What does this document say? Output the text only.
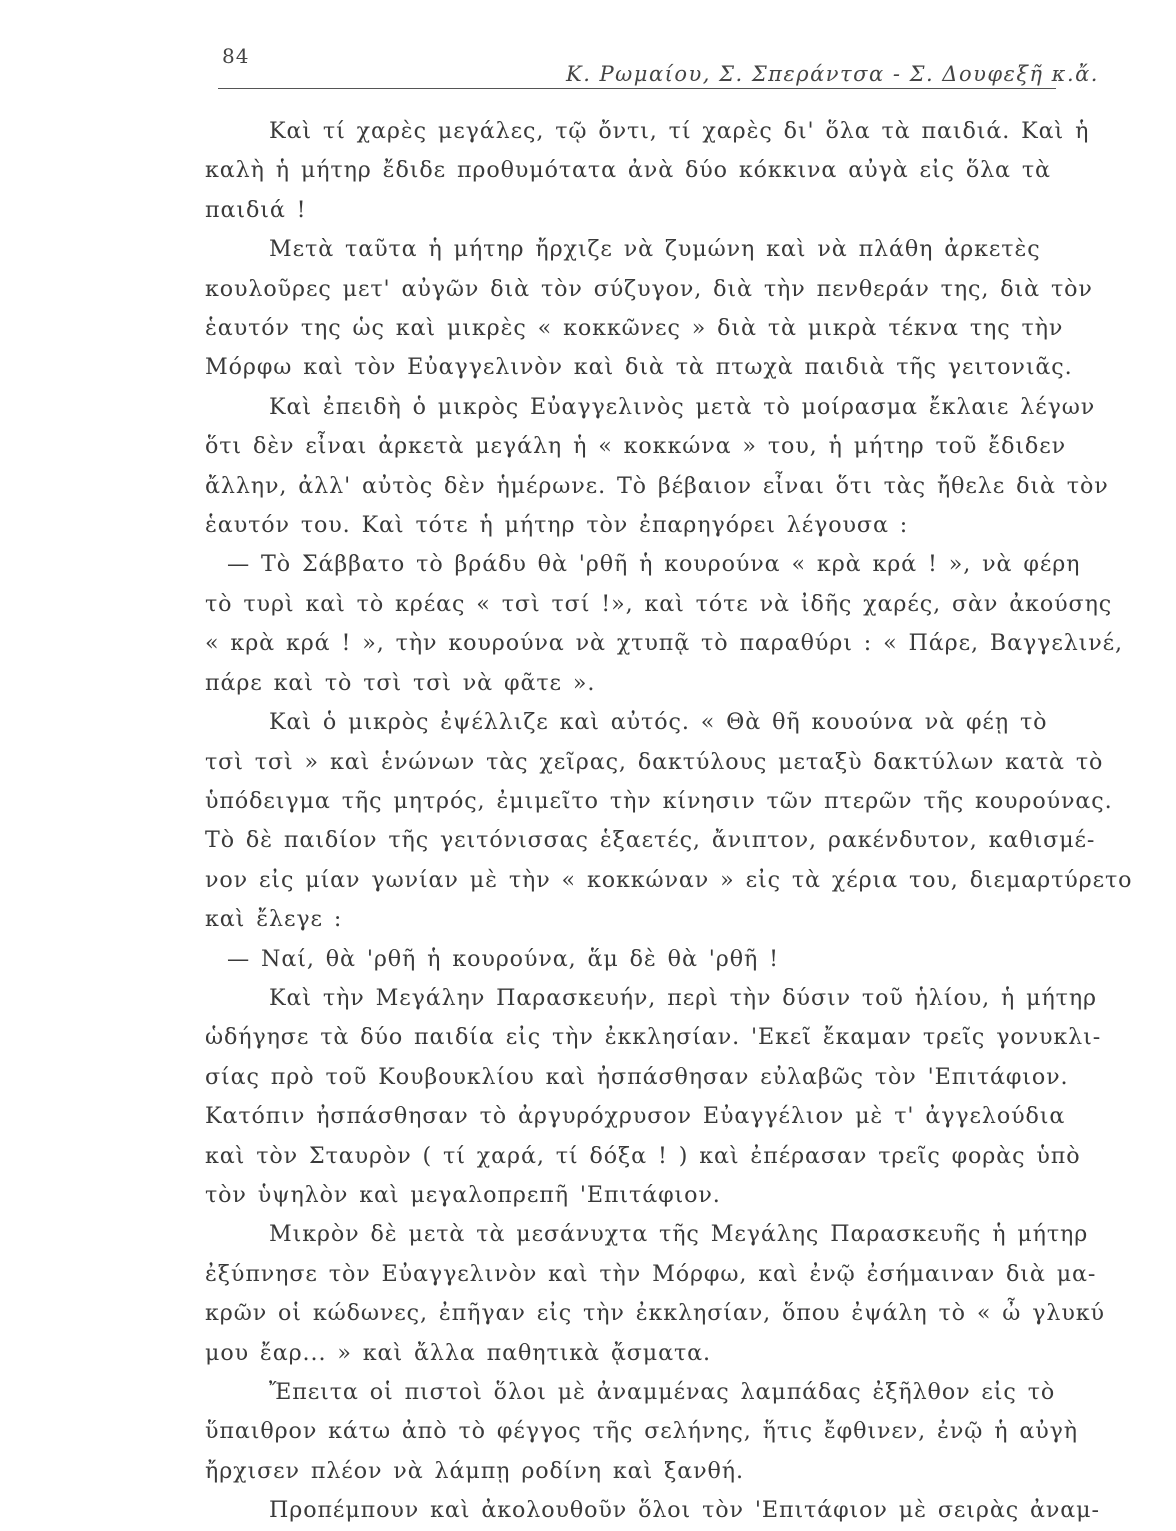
84
Κ. Ρωμαίου, Σ. Σπεράντσα - Σ. Δουφεξῆ κ.ἄ.

Καὶ τί χαρὲς μεγάλες, τῷ ὄντι, τί χαρὲς δι' ὅλα τὰ παιδιά. Καὶ ἡ
καλὴ ἡ μήτηρ ἔδιδε προθυμότατα ἀνὰ δύο κόκκινα αὐγὰ εἰς ὅλα τὰ
παιδιά !

Μετὰ ταῦτα ἡ μήτηρ ἤρχιζε νὰ ζυμώνη καὶ νὰ πλάθη ἀρκετὲς
κουλοῦρες μετ' αὐγῶν διὰ τὸν σύζυγον, διὰ τὴν πενθεράν της, διὰ τὸν
ἑαυτόν της ὡς καὶ μικρὲς « κοκκῶνες » διὰ τὰ μικρὰ τέκνα της τὴν
Μόρφω καὶ τὸν Εὐαγγελινὸν καὶ διὰ τὰ πτωχὰ παιδιὰ τῆς γειτονιᾶς.

Καὶ ἐπειδὴ ὁ μικρὸς Εὐαγγελινὸς μετὰ τὸ μοίρασμα ἔκλαιε λέγων
ὅτι δὲν εἶναι ἀρκετὰ μεγάλη ἡ « κοκκώνα » του, ἡ μήτηρ τοῦ ἔδιδεν
ἄλλην, ἀλλ' αὐτὸς δὲν ἡμέρωνε. Τὸ βέβαιον εἶναι ὅτι τὰς ἤθελε διὰ τὸν
ἑαυτόν του. Καὶ τότε ἡ μήτηρ τὸν ἐπαρηγόρει λέγουσα :

— Τὸ Σάββατο τὸ βράδυ θὰ 'ρθῆ ἡ κουρούνα « κρὰ κρά ! », νὰ φέρη
τὸ τυρὶ καὶ τὸ κρέας « τσὶ τσί !», καὶ τότε νὰ ἰδῆς χαρές, σὰν ἀκούσης
« κρὰ κρά ! », τὴν κουρούνα νὰ χτυπᾷ τὸ παραθύρι : « Πάρε, Βαγγελινέ,
πάρε καὶ τὸ τσὶ τσὶ νὰ φᾶτε ».

Καὶ ὁ μικρὸς ἐψέλλιζε καὶ αὐτός. « Θὰ θῆ κουούνα νὰ φέῃ τὸ
τσὶ τσὶ » καὶ ἑνώνων τὰς χεῖρας, δακτύλους μεταξὺ δακτύλων κατὰ τὸ
ὑπόδειγμα τῆς μητρός, ἐμιμεῖτο τὴν κίνησιν τῶν πτερῶν τῆς κουρούνας.
Τὸ δὲ παιδίον τῆς γειτόνισσας ἑξαετές, ἄνιπτον, ρακένδυτον, καθισμέ-
νον εἰς μίαν γωνίαν μὲ τὴν « κοκκώναν » εἰς τὰ χέρια του, διεμαρτύρετο
καὶ ἔλεγε :

— Ναί, θὰ 'ρθῆ ἡ κουρούνα, ἅμ δὲ θὰ 'ρθῆ !

Καὶ τὴν Μεγάλην Παρασκευήν, περὶ τὴν δύσιν τοῦ ἡλίου, ἡ μήτηρ
ὡδήγησε τὰ δύο παιδία εἰς τὴν ἐκκλησίαν. 'Εκεῖ ἔκαμαν τρεῖς γονυκλι-
σίας πρὸ τοῦ Κουβουκλίου καὶ ἠσπάσθησαν εὐλαβῶς τὸν 'Επιτάφιον.
Κατόπιν ἠσπάσθησαν τὸ ἀργυρόχρυσον Εὐαγγέλιον μὲ τ' ἀγγελούδια
καὶ τὸν Σταυρὸν ( τί χαρά, τί δόξα ! ) καὶ ἐπέρασαν τρεῖς φορὰς ὑπὸ
τὸν ὑψηλὸν καὶ μεγαλοπρεπῆ 'Επιτάφιον.

Μικρὸν δὲ μετὰ τὰ μεσάνυχτα τῆς Μεγάλης Παρασκευῆς ἡ μήτηρ
ἐξύπνησε τὸν Εὐαγγελινὸν καὶ τὴν Μόρφω, καὶ ἐνῷ ἐσήμαιναν διὰ μα-
κρῶν οἱ κώδωνες, ἐπῆγαν εἰς τὴν ἐκκλησίαν, ὅπου ἐψάλη τὸ « ὦ γλυκύ
μου ἔαρ... » καὶ ἄλλα παθητικὰ ᾄσματα.

Ἔπειτα οἱ πιστοὶ ὅλοι μὲ ἀναμμένας λαμπάδας ἐξῆλθον εἰς τὸ
ὕπαιθρον κάτω ἀπὸ τὸ φέγγος τῆς σελήνης, ἥτις ἔφθινεν, ἐνῷ ἡ αὐγὴ
ἤρχισεν πλέον νὰ λάμπῃ ροδίνη καὶ ξανθή.

Προπέμπουν καὶ ἀκολουθοῦν ὅλοι τὸν 'Επιτάφιον μὲ σειρὰς ἀναμ-
